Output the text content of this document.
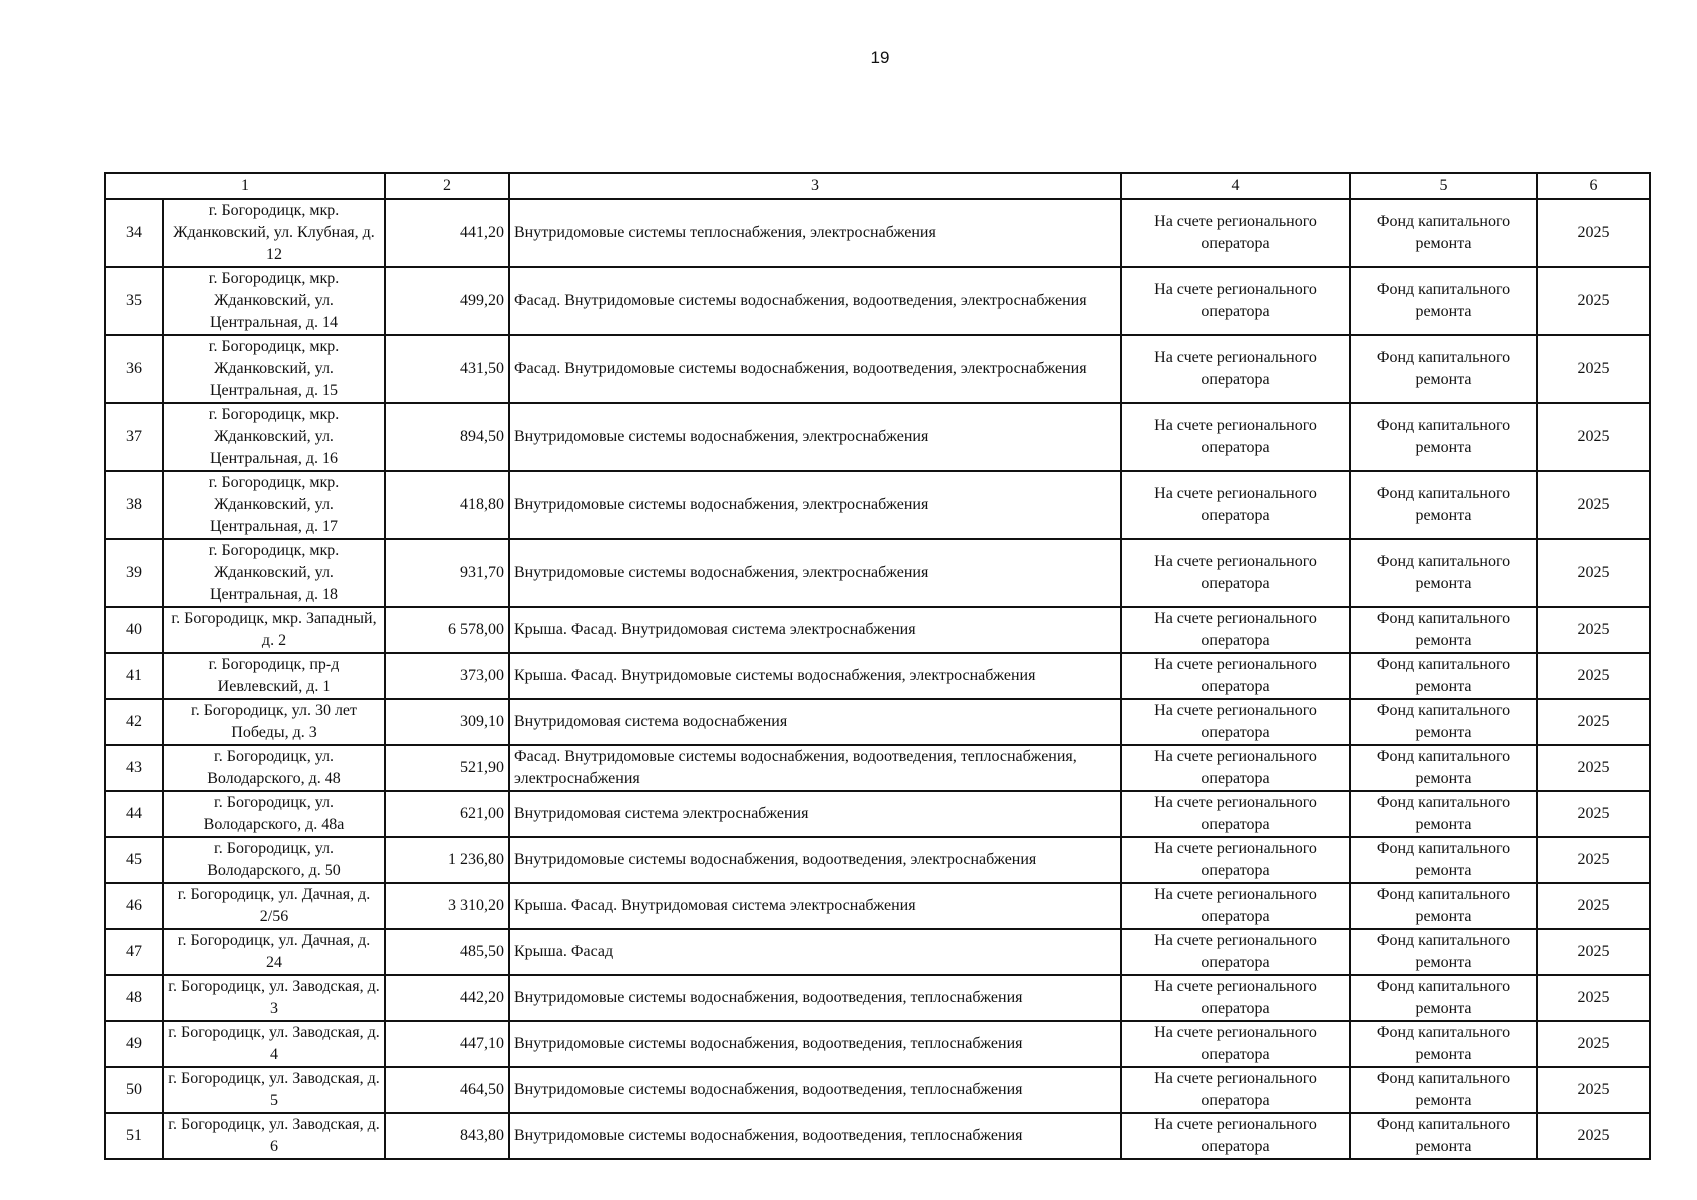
19
1		2	3	4	5	6
34	г. Богородицк, мкр. Жданковский, ул. Клубная, д. 12	441,20	Внутридомовые системы теплоснабжения, электроснабжения	На счете регионального оператора	Фонд капитального ремонта	2025
35	г. Богородицк, мкр. Жданковский, ул. Центральная, д. 14	499,20	Фасад. Внутридомовые системы водоснабжения, водоотведения, электроснабжения	На счете регионального оператора	Фонд капитального ремонта	2025
36	г. Богородицк, мкр. Жданковский, ул. Центральная, д. 15	431,50	Фасад. Внутридомовые системы водоснабжения, водоотведения, электроснабжения	На счете регионального оператора	Фонд капитального ремонта	2025
37	г. Богородицк, мкр. Жданковский, ул. Центральная, д. 16	894,50	Внутридомовые системы водоснабжения, электроснабжения	На счете регионального оператора	Фонд капитального ремонта	2025
38	г. Богородицк, мкр. Жданковский, ул. Центральная, д. 17	418,80	Внутридомовые системы водоснабжения, электроснабжения	На счете регионального оператора	Фонд капитального ремонта	2025
39	г. Богородицк, мкр. Жданковский, ул. Центральная, д. 18	931,70	Внутридомовые системы водоснабжения, электроснабжения	На счете регионального оператора	Фонд капитального ремонта	2025
40	г. Богородицк, мкр. Западный, д. 2	6 578,00	Крыша. Фасад. Внутридомовая система электроснабжения	На счете регионального оператора	Фонд капитального ремонта	2025
41	г. Богородицк, пр-д Иевлевский, д. 1	373,00	Крыша. Фасад. Внутридомовые системы водоснабжения, электроснабжения	На счете регионального оператора	Фонд капитального ремонта	2025
42	г. Богородицк, ул. 30 лет Победы, д. 3	309,10	Внутридомовая система водоснабжения	На счете регионального оператора	Фонд капитального ремонта	2025
43	г. Богородицк, ул. Володарского, д. 48	521,90	Фасад. Внутридомовые системы водоснабжения, водоотведения, теплоснабжения, электроснабжения	На счете регионального оператора	Фонд капитального ремонта	2025
44	г. Богородицк, ул. Володарского, д. 48а	621,00	Внутридомовая система электроснабжения	На счете регионального оператора	Фонд капитального ремонта	2025
45	г. Богородицк, ул. Володарского, д. 50	1 236,80	Внутридомовые системы водоснабжения, водоотведения, электроснабжения	На счете регионального оператора	Фонд капитального ремонта	2025
46	г. Богородицк, ул. Дачная, д. 2/56	3 310,20	Крыша. Фасад. Внутридомовая система электроснабжения	На счете регионального оператора	Фонд капитального ремонта	2025
47	г. Богородицк, ул. Дачная, д. 24	485,50	Крыша. Фасад	На счете регионального оператора	Фонд капитального ремонта	2025
48	г. Богородицк, ул. Заводская, д. 3	442,20	Внутридомовые системы водоснабжения, водоотведения, теплоснабжения	На счете регионального оператора	Фонд капитального ремонта	2025
49	г. Богородицк, ул. Заводская, д. 4	447,10	Внутридомовые системы водоснабжения, водоотведения, теплоснабжения	На счете регионального оператора	Фонд капитального ремонта	2025
50	г. Богородицк, ул. Заводская, д. 5	464,50	Внутридомовые системы водоснабжения, водоотведения, теплоснабжения	На счете регионального оператора	Фонд капитального ремонта	2025
51	г. Богородицк, ул. Заводская, д. 6	843,80	Внутридомовые системы водоснабжения, водоотведения, теплоснабжения	На счете регионального оператора	Фонд капитального ремонта	2025
